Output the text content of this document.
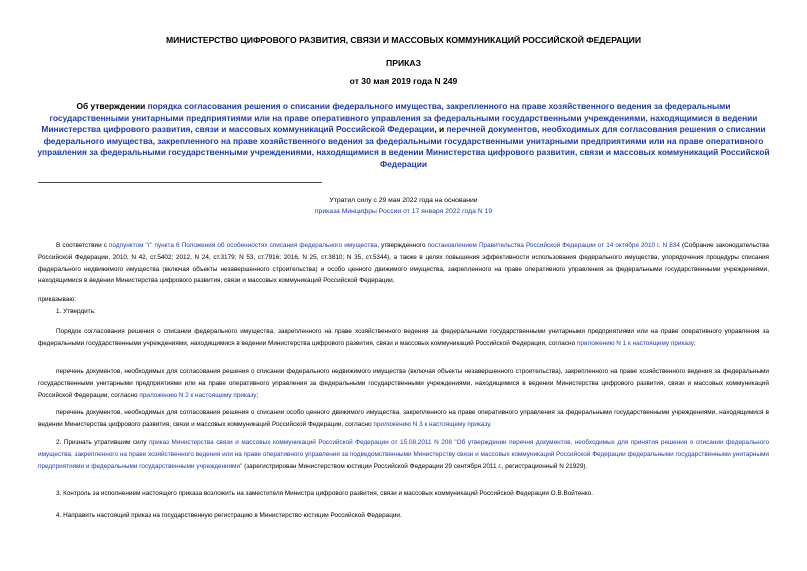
МИНИСТЕРСТВО ЦИФРОВОГО РАЗВИТИЯ, СВЯЗИ И МАССОВЫХ КОММУНИКАЦИЙ РОССИЙСКОЙ ФЕДЕРАЦИИ
ПРИКАЗ
от 30 мая 2019 года N 249
Об утверждении порядка согласования решения о списании федерального имущества, закрепленного на праве хозяйственного ведения за федеральными государственными унитарными предприятиями или на праве оперативного управления за федеральными государственными учреждениями, находящимися в ведении Министерства цифрового развития, связи и массовых коммуникаций Российской Федерации, и перечней документов, необходимых для согласования решения о списании федерального имущества, закрепленного на праве хозяйственного ведения за федеральными государственными унитарными предприятиями или на праве оперативного управления за федеральными государственными учреждениями, находящимися в ведении Министерства цифрового развития, связи и массовых коммуникаций Российской Федерации
Утратил силу с 29 мая 2022 года на основании
приказа Минцифры России от 17 января 2022 года N 19
В соответствии с подпунктом "г" пункта 6 Положения об особенностях списания федерального имущества, утвержденного постановлением Правительства Российской Федерации от 14 октября 2010 г. N 834 (Собрание законодательства Российской Федерации, 2010, N 42, ст.5402; 2012, N 24, ст.3179; N 53, ст.7916; 2016, N 25, ст.3810; N 35, ст.5344), а также в целях повышения эффективности использования федерального имущества, упорядочения процедуры списания федерального недвижимого имущества (включая объекты незавершенного строительства) и особо ценного движимого имущества, закрепленного на праве оперативного управления за федеральными государственными учреждениями, находящимися в ведении Министерства цифрового развития, связи и массовых коммуникаций Российской Федерации,
приказываю:
1. Утвердить:
Порядок согласования решения о списании федерального имущества, закрепленного на праве хозяйственного ведения за федеральными государственными унитарными предприятиями или на праве оперативного управления за федеральными государственными учреждениями, находящимися в ведении Министерства цифрового развития, связи и массовых коммуникаций Российской Федерации, согласно приложению N 1 к настоящему приказу;
перечень документов, необходимых для согласования решения о списании федерального недвижимого имущества (включая объекты незавершенного строительства), закрепленного на праве хозяйственного ведения за федеральными государственными унитарными предприятиями или на праве оперативного управления за федеральными государственными учреждениями, находящимися в ведении Министерства цифрового развития, связи и массовых коммуникаций Российской Федерации, согласно приложению N 2 к настоящему приказу;
перечень документов, необходимых для согласования решения о списании особо ценного движимого имущества, закрепленного на праве оперативного управления за федеральными государственными учреждениями, находящимися в ведении Министерства цифрового развития, связи и массовых коммуникаций Российской Федерации, согласно приложению N 3 к настоящему приказу.
2. Признать утратившим силу приказ Министерства связи и массовых коммуникаций Российской Федерации от 15.08.2011 N 208 "Об утверждении перечня документов, необходимых для принятия решения о списании федерального имущества, закрепленного на праве хозяйственного ведения или на праве оперативного управления за подведомственными Министерству связи и массовых коммуникаций Российской Федерации федеральными государственными унитарными предприятиями и федеральными государственными учреждениями" (зарегистрирован Министерством юстиции Российской Федерации 29 сентября 2011 г., регистрационный N 21929).
3. Контроль за исполнением настоящего приказа возложить на заместителя Министра цифрового развития, связи и массовых коммуникаций Российской Федерации О.В.Войтенко.
4. Направить настоящий приказ на государственную регистрацию в Министерство юстиции Российской Федерации.
